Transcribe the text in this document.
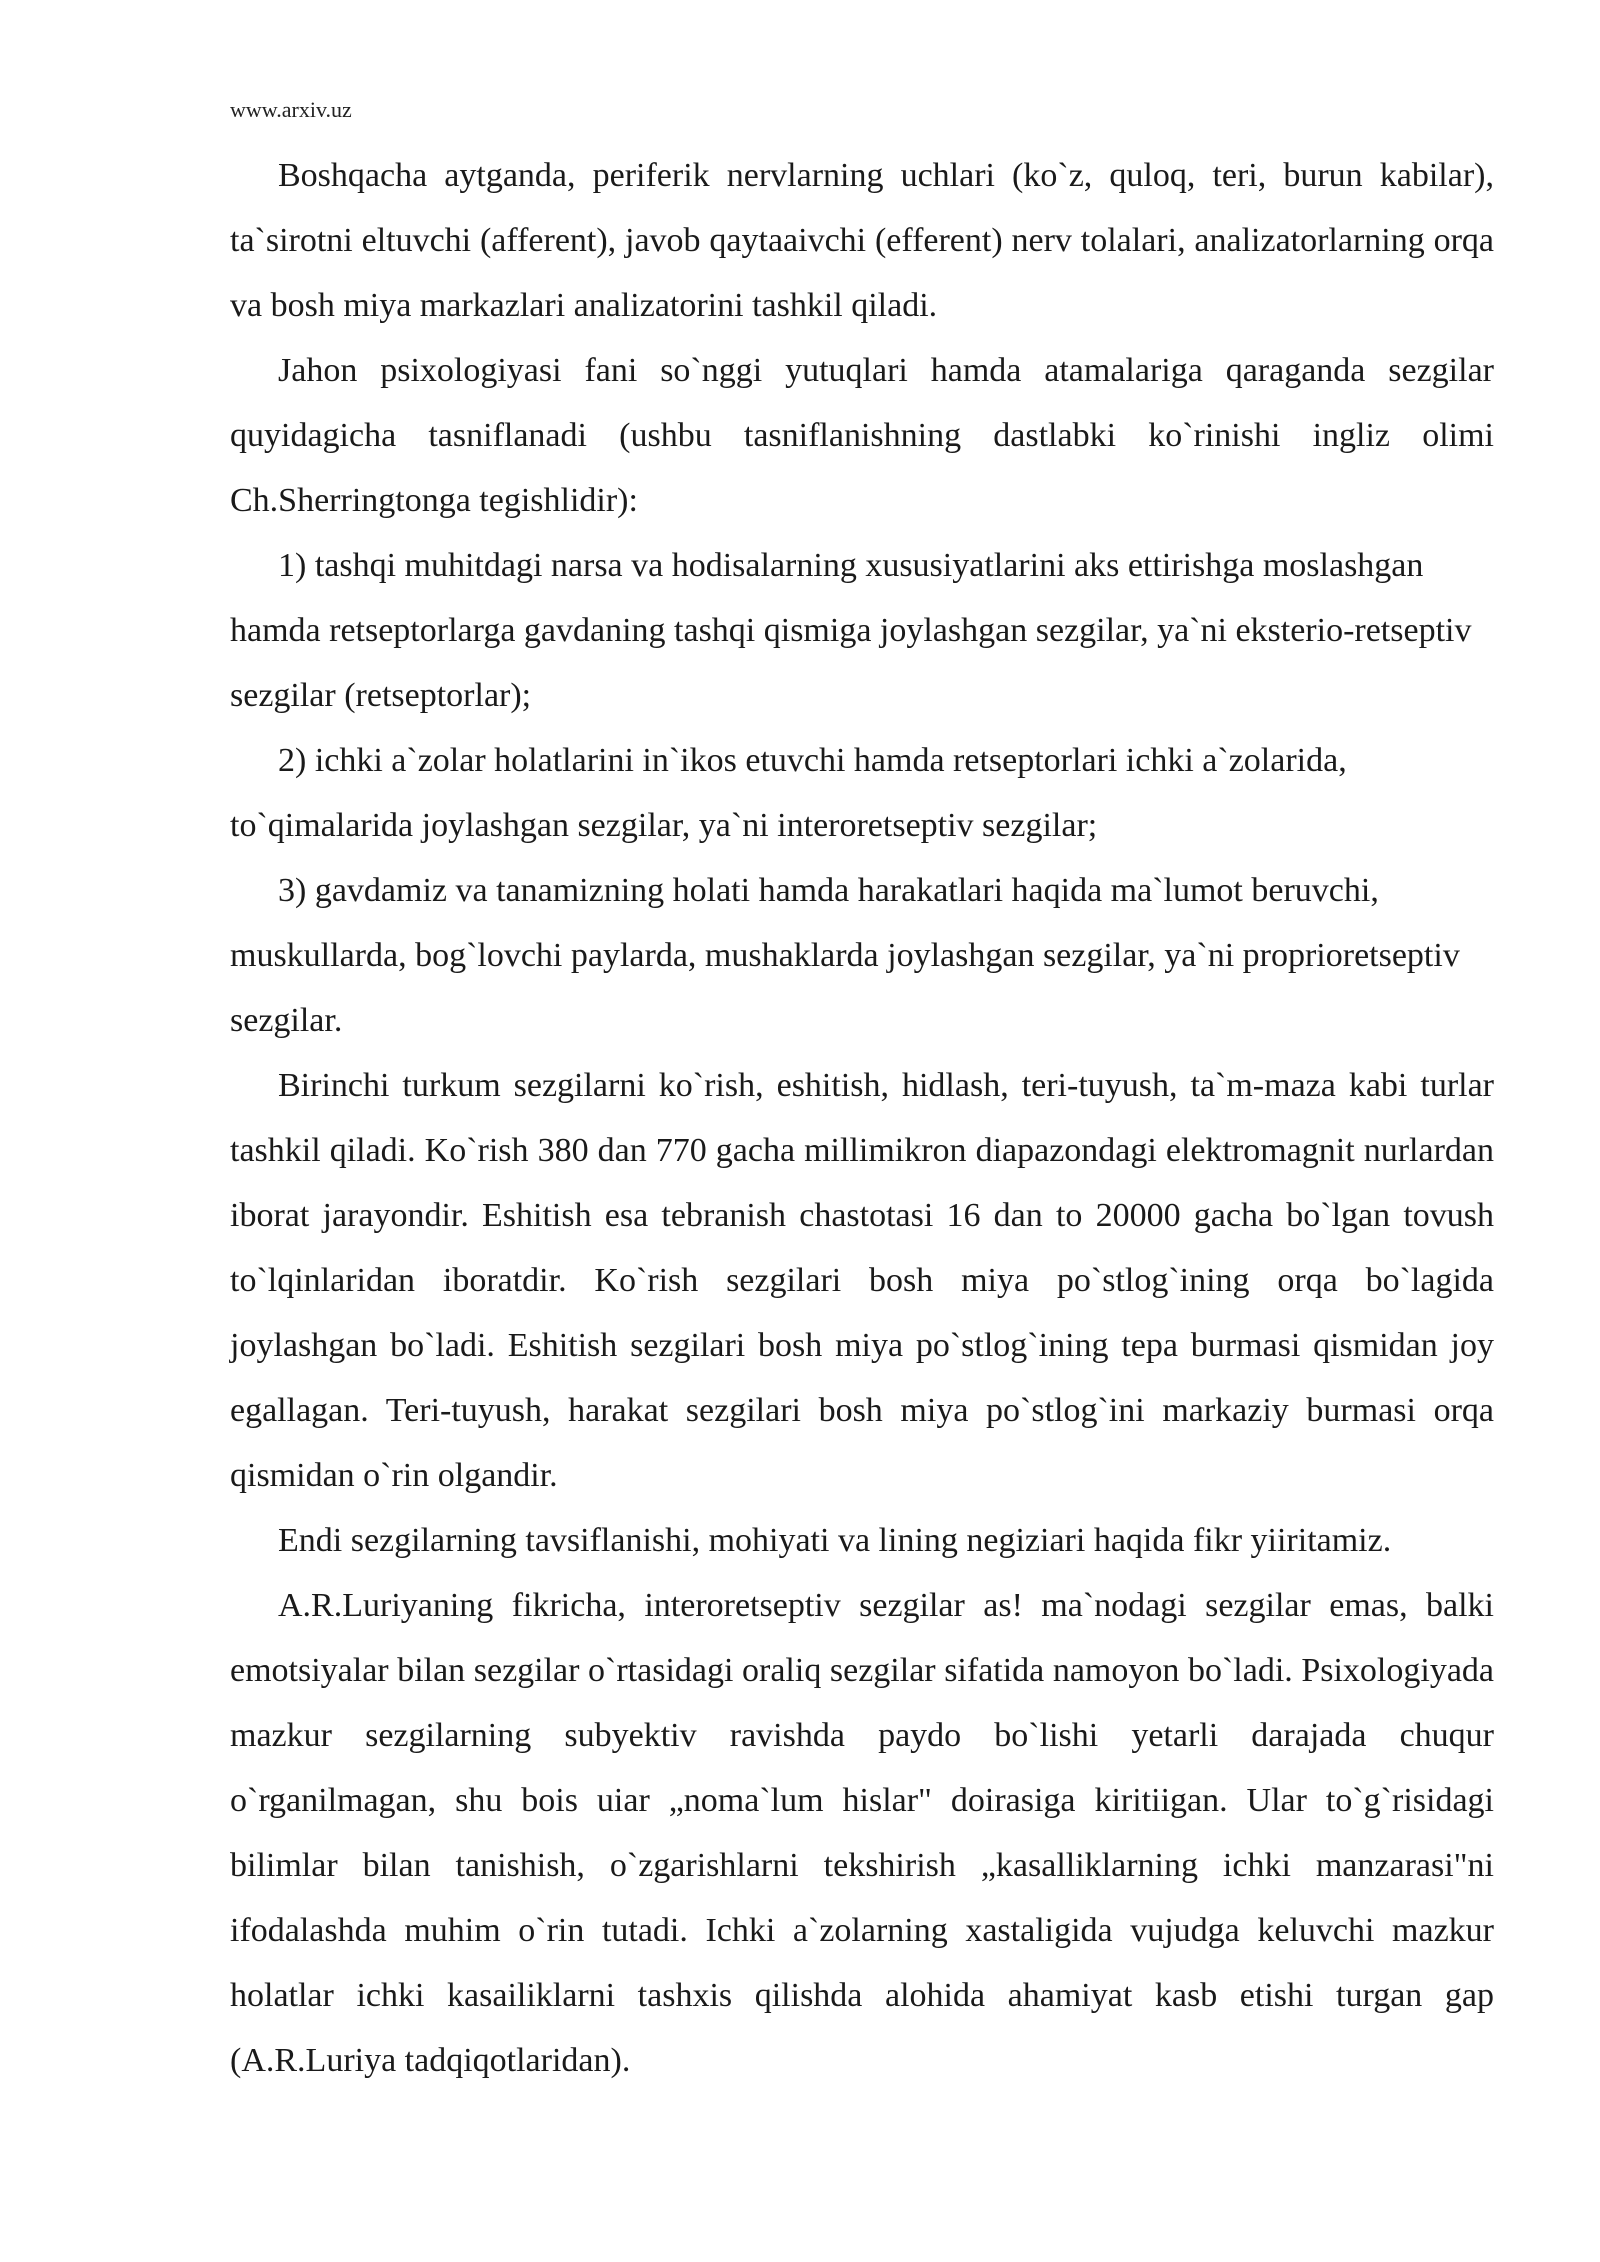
www.arxiv.uz

Boshqacha aytganda, periferik nervlarning uchlari (ko`z, quloq, teri, burun kabilar), ta`sirotni eltuvchi (afferent), javob qaytaaivchi (efferent) nerv tolalari, analizatorlarning orqa va bosh miya markazlari analizatorini tashkil qiladi.

Jahon psixologiyasi fani so`nggi yutuqlari hamda atamalariga qaraganda sezgilar quyidagicha tasniflanadi (ushbu tasniflanishning dastlabki ko`rinishi ingliz olimi Ch.Sherringtonga tegishlidir):

1) tashqi muhitdagi narsa va hodisalarning xususiyatlarini aks ettirishga moslashgan hamda retseptorlarga gavdaning tashqi qismiga joylashgan sezgilar, ya`ni eksterio-retseptiv sezgilar (retseptorlar);

2) ichki a`zolar holatlarini in`ikos etuvchi hamda retseptorlari ichki a`zolarida, to`qimalarida joylashgan sezgilar, ya`ni interoretseptiv sezgilar;

3) gavdamiz va tanamizning holati hamda harakatlari haqida ma`lumot beruvchi, muskullarda, bog`lovchi paylarda, mushaklarda joylashgan sezgilar, ya`ni proprioretseptiv sezgilar.

Birinchi turkum sezgilarni ko`rish, eshitish, hidlash, teri-tuyush, ta`m-maza kabi turlar tashkil qiladi. Ko`rish 380 dan 770 gacha millimikron diapazondagi elektromagnit nurlardan iborat jarayondir. Eshitish esa tebranish chastotasi 16 dan to 20000 gacha bo`lgan tovush to`lqinlaridan iboratdir. Ko`rish sezgilari bosh miya po`stlog`ining orqa bo`lagida joylashgan bo`ladi. Eshitish sezgilari bosh miya po`stlog`ining tepa burmasi qismidan joy egallagan. Teri-tuyush, harakat sezgilari bosh miya po`stlog`ini markaziy burmasi orqa qismidan o`rin olgandir.

Endi sezgilarning tavsiflanishi, mohiyati va lining negiziari haqida fikr yiiritamiz.

A.R.Luriyaning fikricha, interoretseptiv sezgilar as! ma`nodagi sezgilar emas, balki emotsiyalar bilan sezgilar o`rtasidagi oraliq sezgilar sifatida namoyon bo`ladi. Psixologiyada mazkur sezgilarning subyektiv ravishda paydo bo`lishi yetarli darajada chuqur o`rganilmagan, shu bois uiar „noma`lum hislar" doirasiga kiritiigan. Ular to`g`risidagi bilimlar bilan tanishish, o`zgarishlarni tekshirish „kasalliklarning ichki manzarasi"ni ifodalashda muhim o`rin tutadi. Ichki a`zolarning xastaligida vujudga keluvchi mazkur holatlar ichki kasailiklarni tashxis qilishda alohida ahamiyat kasb etishi turgan gap (A.R.Luriya tadqiqotlaridan).
